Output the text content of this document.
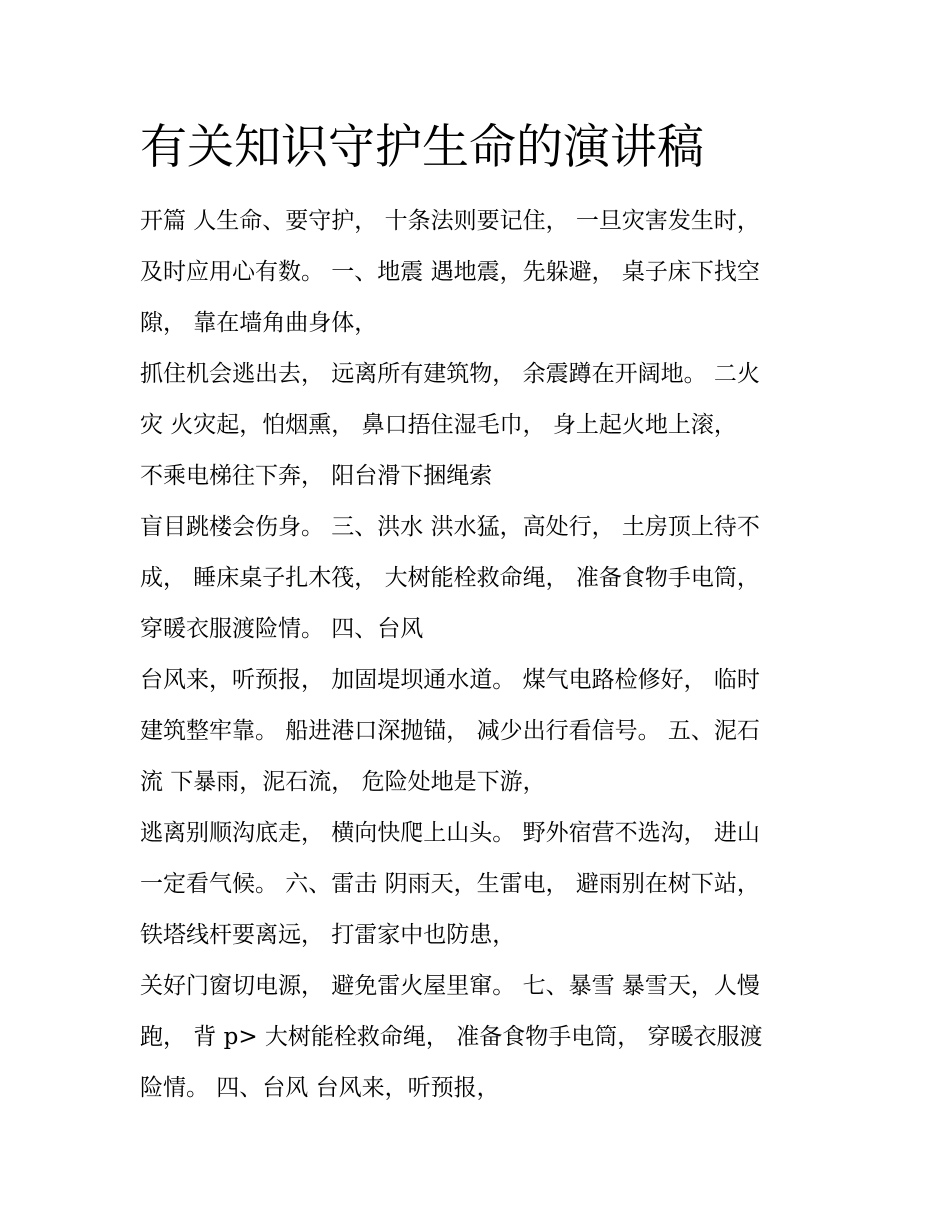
有关知识守护生命的演讲稿
开篇 人生命、要守护， 十条法则要记住， 一旦灾害发生时，
及时应用心有数。 一、地震 遇地震，先躲避， 桌子床下找空
隙， 靠在墙角曲身体，
抓住机会逃出去， 远离所有建筑物， 余震蹲在开阔地。 二火
灾 火灾起，怕烟熏， 鼻口捂住湿毛巾， 身上起火地上滚，
不乘电梯往下奔， 阳台滑下捆绳索
盲目跳楼会伤身。 三、洪水 洪水猛，高处行， 土房顶上待不
成， 睡床桌子扎木筏， 大树能栓救命绳， 准备食物手电筒，
穿暖衣服渡险情。 四、台风
台风来，听预报， 加固堤坝通水道。 煤气电路检修好， 临时
建筑整牢靠。 船进港口深抛锚， 减少出行看信号。 五、泥石
流 下暴雨，泥石流， 危险处地是下游，
逃离别顺沟底走， 横向快爬上山头。 野外宿营不选沟， 进山
一定看气候。 六、雷击 阴雨天，生雷电， 避雨别在树下站，
铁塔线杆要离远， 打雷家中也防患，
关好门窗切电源， 避免雷火屋里窜。 七、暴雪 暴雪天，人慢
跑， 背 p> 大树能栓救命绳， 准备食物手电筒， 穿暖衣服渡
险情。 四、台风 台风来，听预报，
